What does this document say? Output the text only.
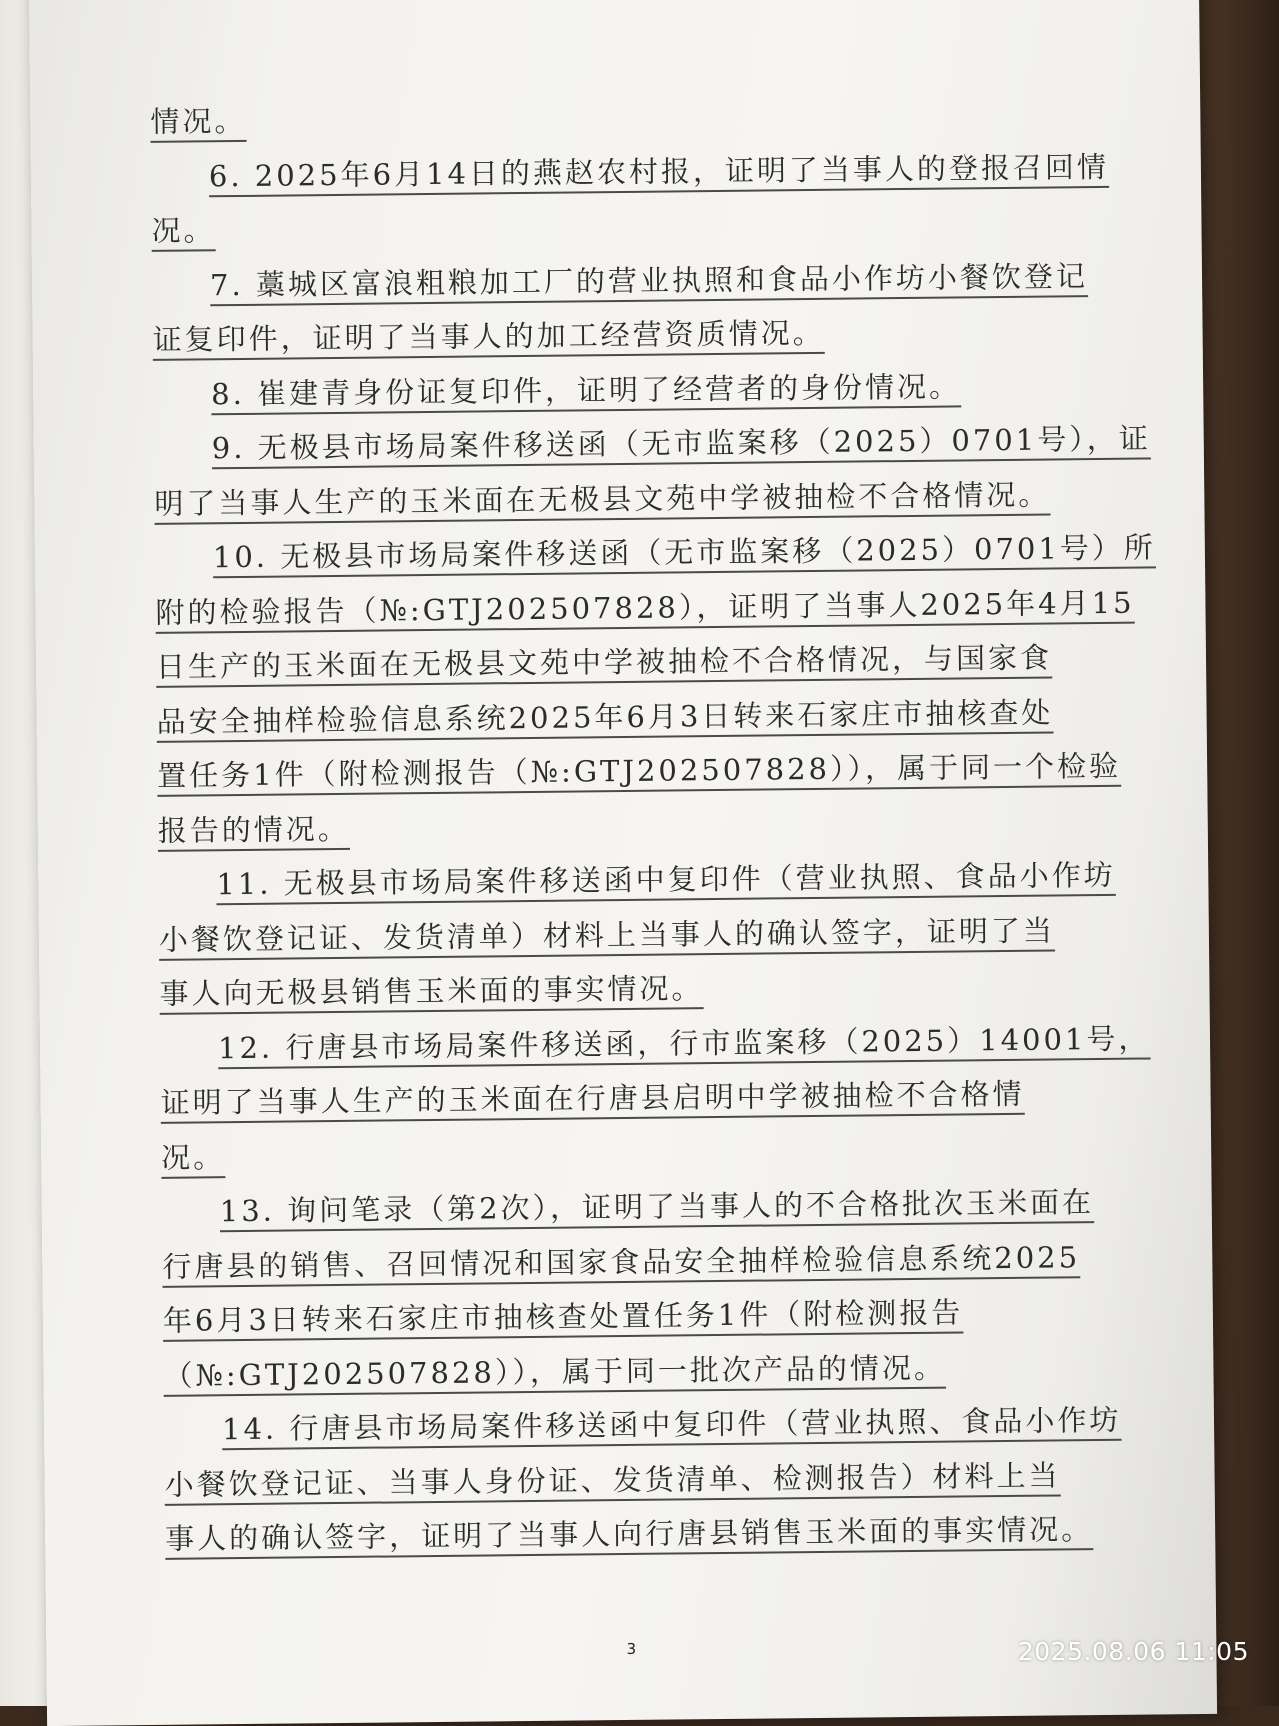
情况。
6. 2025年6月14日的燕赵农村报，证明了当事人的登报召回情
况。
7. 藁城区富浪粗粮加工厂的营业执照和食品小作坊小餐饮登记
证复印件，证明了当事人的加工经营资质情况。
8. 崔建青身份证复印件，证明了经营者的身份情况。
9. 无极县市场局案件移送函（无市监案移（2025）0701号），证
明了当事人生产的玉米面在无极县文苑中学被抽检不合格情况。
10. 无极县市场局案件移送函（无市监案移（2025）0701号）所
附的检验报告（№:GTJ202507828），证明了当事人2025年4月15
日生产的玉米面在无极县文苑中学被抽检不合格情况，与国家食
品安全抽样检验信息系统2025年6月3日转来石家庄市抽核查处
置任务1件（附检测报告（№:GTJ202507828）），属于同一个检验
报告的情况。
11. 无极县市场局案件移送函中复印件（营业执照、食品小作坊
小餐饮登记证、发货清单）材料上当事人的确认签字，证明了当
事人向无极县销售玉米面的事实情况。
12. 行唐县市场局案件移送函，行市监案移（2025）14001号，
证明了当事人生产的玉米面在行唐县启明中学被抽检不合格情
况。
13. 询问笔录（第2次），证明了当事人的不合格批次玉米面在
行唐县的销售、召回情况和国家食品安全抽样检验信息系统2025
年6月3日转来石家庄市抽核查处置任务1件（附检测报告
（№:GTJ202507828）），属于同一批次产品的情况。
14. 行唐县市场局案件移送函中复印件（营业执照、食品小作坊
小餐饮登记证、当事人身份证、发货清单、检测报告）材料上当
事人的确认签字，证明了当事人向行唐县销售玉米面的事实情况。
3	2025.08.06 11:05
